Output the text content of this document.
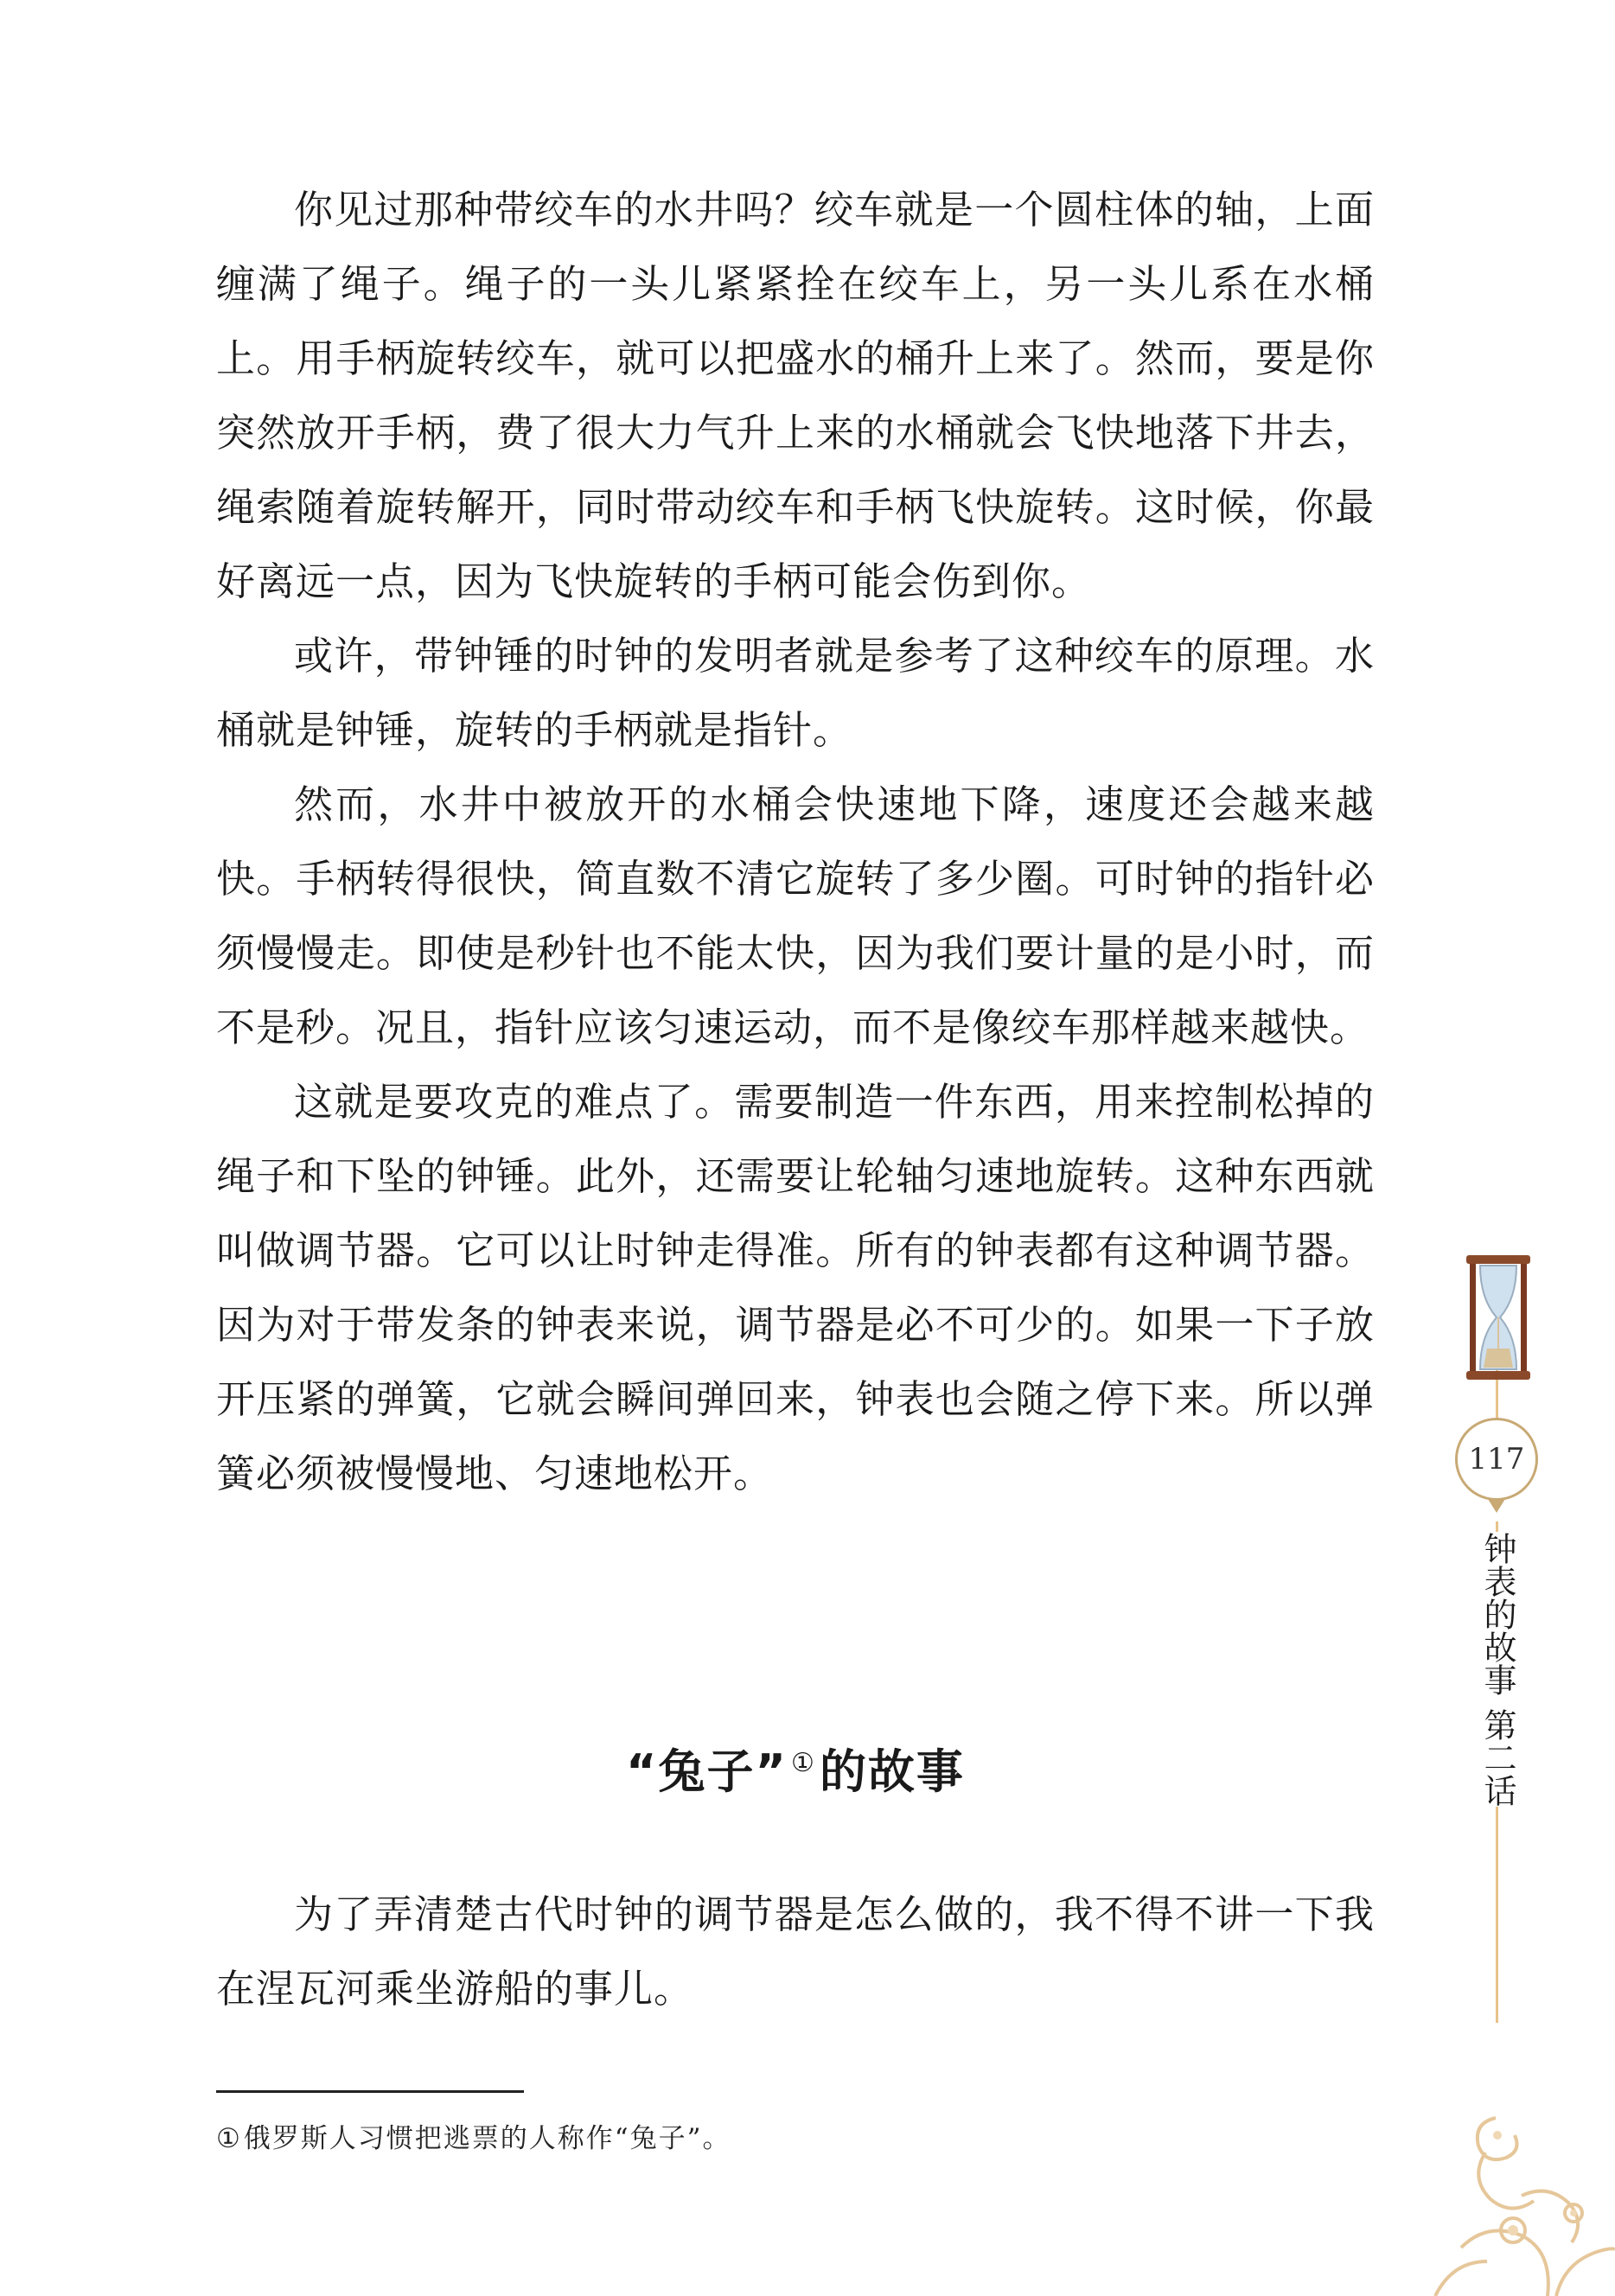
你见过那种带绞车的水井吗？绞车就是一个圆柱体的轴，上面缠满了绳子。绳子的一头儿紧紧拴在绞车上，另一头儿系在水桶上。用手柄旋转绞车，就可以把盛水的桶升上来了。然而，要是你突然放开手柄，费了很大力气升上来的水桶就会飞快地落下井去，绳索随着旋转解开，同时带动绞车和手柄飞快旋转。这时候，你最好离远一点，因为飞快旋转的手柄可能会伤到你。

或许，带钟锤的时钟的发明者就是参考了这种绞车的原理。水桶就是钟锤，旋转的手柄就是指针。

然而，水井中被放开的水桶会快速地下降，速度还会越来越快。手柄转得很快，简直数不清它旋转了多少圈。可时钟的指针必须慢慢走。即使是秒针也不能太快，因为我们要计量的是小时，而不是秒。况且，指针应该匀速运动，而不是像绞车那样越来越快。

这就是要攻克的难点了。需要制造一件东西，用来控制松掉的绳子和下坠的钟锤。此外，还需要让轮轴匀速地旋转。这种东西就叫做调节器。它可以让时钟走得准。所有的钟表都有这种调节器。因为对于带发条的钟表来说，调节器是必不可少的。如果一下子放开压紧的弹簧，它就会瞬间弹回来，钟表也会随之停下来。所以弹簧必须被慢慢地、匀速地松开。

“兔子” ①的故事

为了弄清楚古代时钟的调节器是怎么做的，我不得不讲一下我在涅瓦河乘坐游船的事儿。

①俄罗斯人习惯把逃票的人称作“兔子”。
117
钟表的故事第二话
